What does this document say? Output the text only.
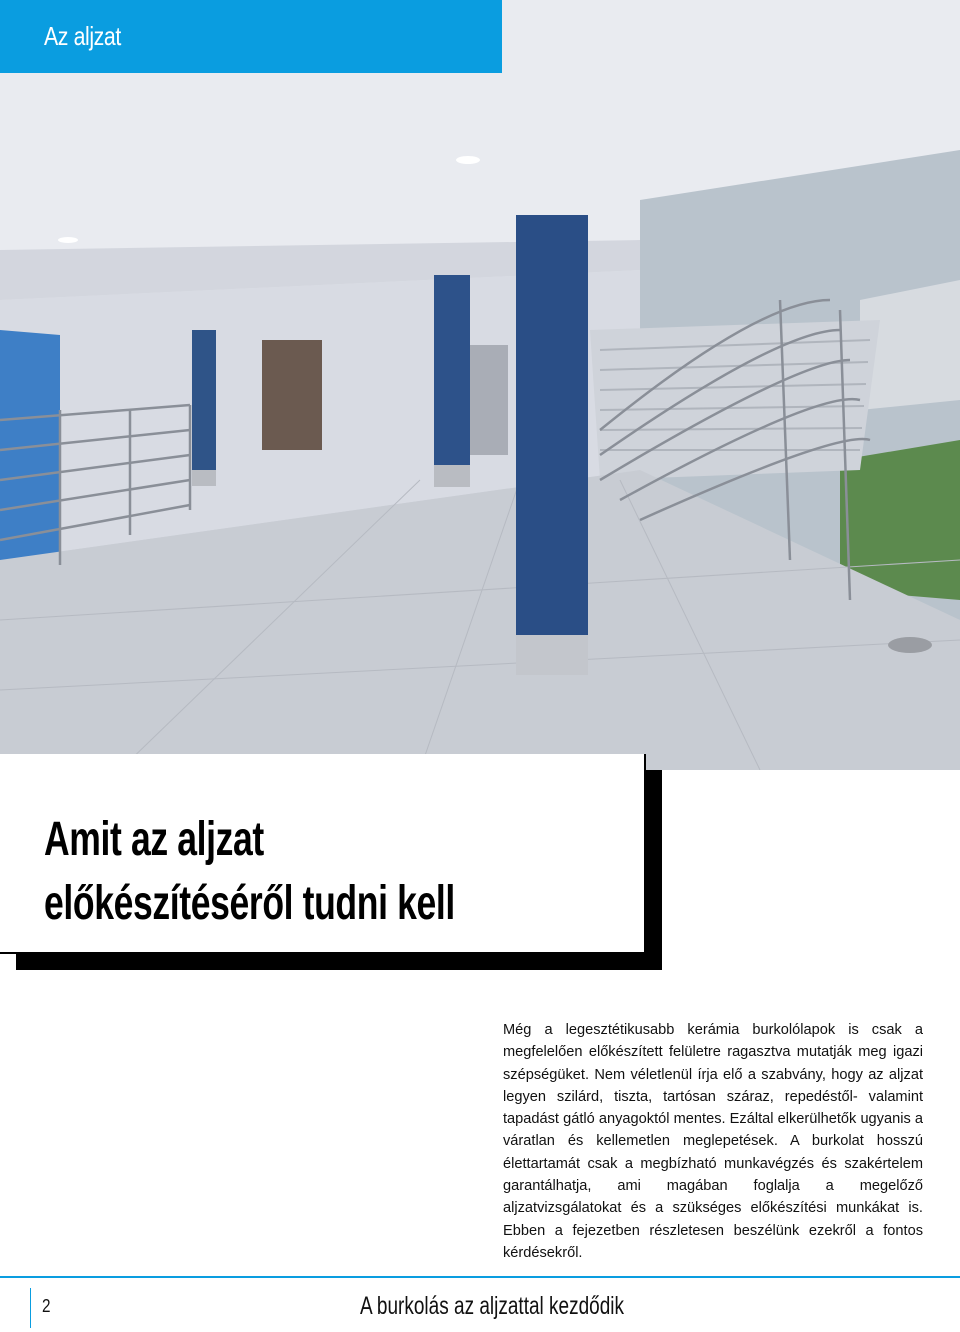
Az aljzat
Amit az aljzat
előkészítéséről tudni kell
Még a legesztétikusabb kerámia burkolólapok is csak a megfelelően előkészített felületre ragasztva mutatják meg igazi szépségüket. Nem véletlenül írja elő a szabvány, hogy az aljzat legyen szilárd, tiszta, tartósan száraz, repedéstől- valamint tapadást gátló anyagoktól mentes. Ezáltal elkerülhetők ugyanis a váratlan és kellemetlen meglepetések. A burkolat hosszú élettartamát csak a megbízható munkavégzés és szakértelem garantálhatja, ami magában foglalja a megelőző aljzatvizsgálatokat és a szükséges előkészítési munkákat is. Ebben a fejezetben részletesen beszélünk ezekről a fontos kérdésekről.
2	A burkolás az aljzattal kezdődik
